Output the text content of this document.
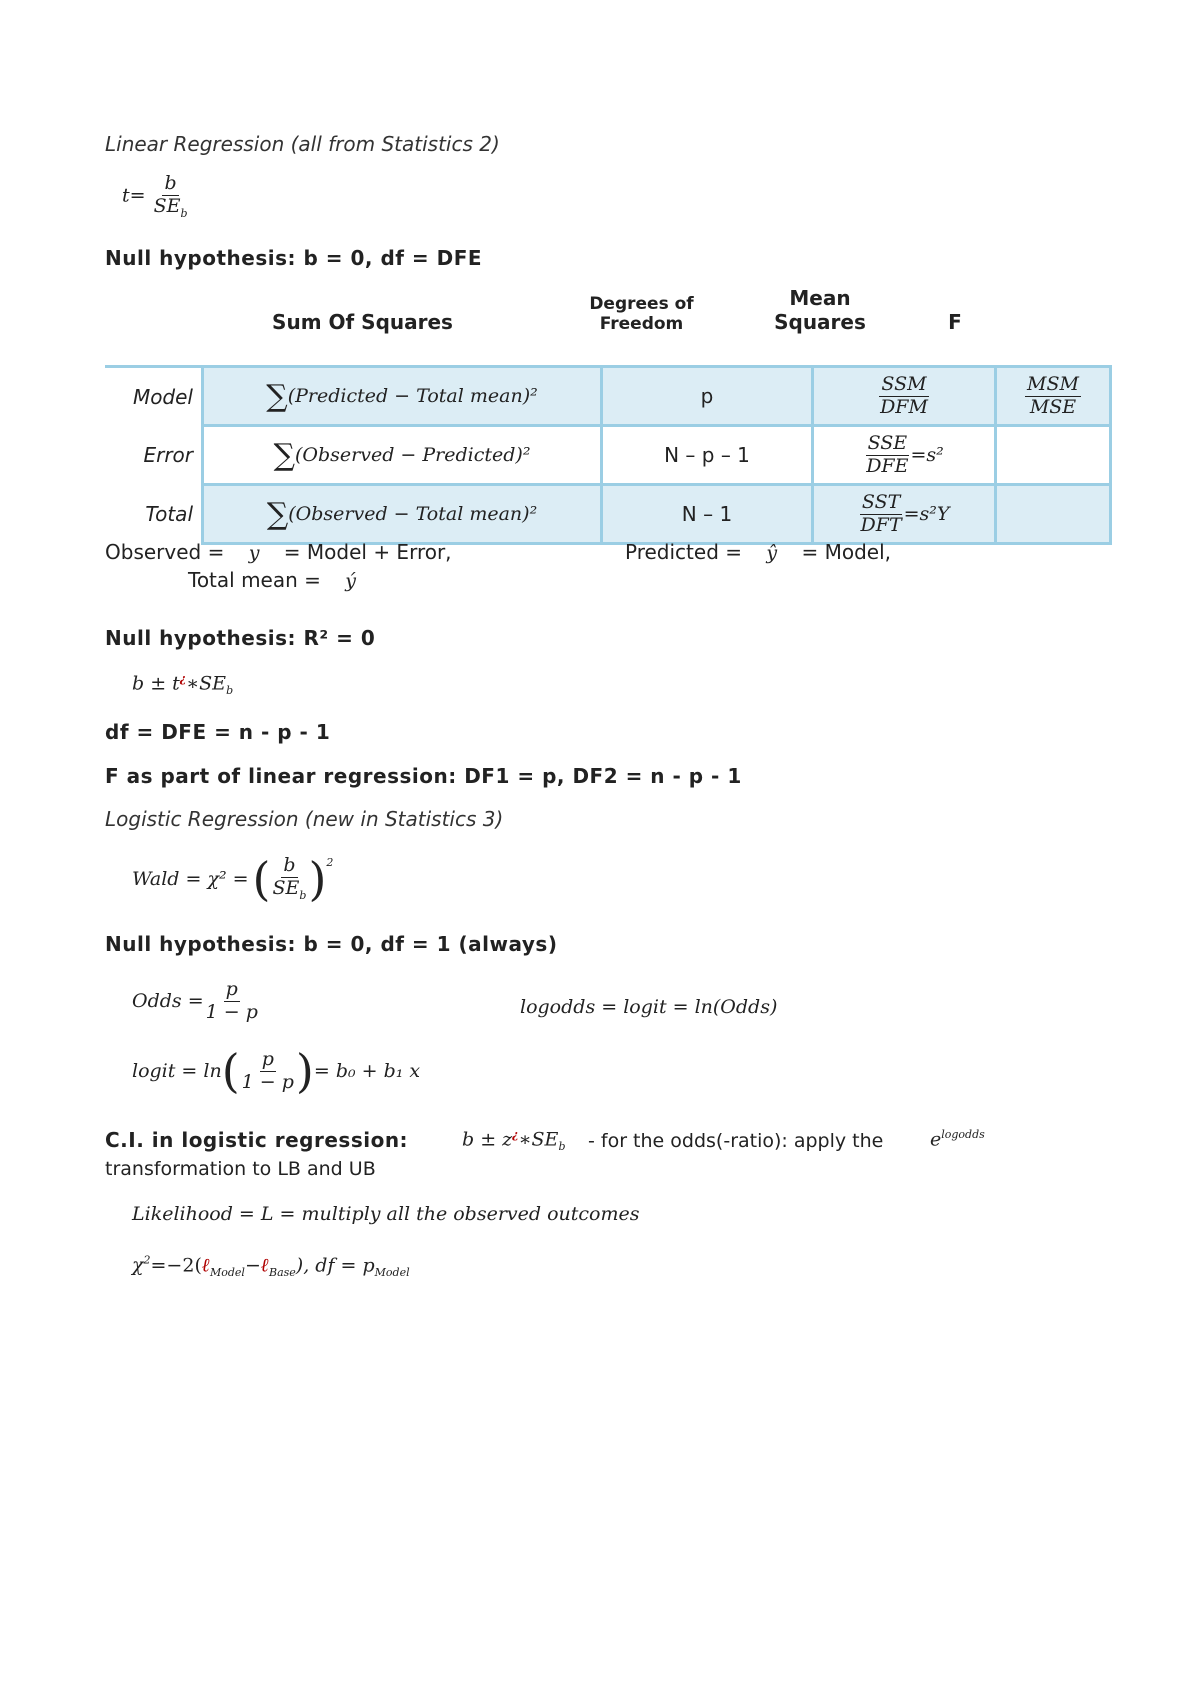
Linear Regression (all from Statistics 2)
$t= \frac{b}{SE_b}$
Null hypothesis: b = 0, df = DFE
Sum Of Squares
Degrees of
Freedom
Mean
Squares	F
Model	∑(Predicted − Total mean)²	p	$\frac{\text{SSM}}{\text{DFM}}$	$\frac{\text{MSM}}{\text{MSE}}$

Error	∑(Observed − Predicted)²	N – p – 1	$\frac{\text{SSE}}{\text{DFE}} =s^2$	
Total	∑(Observed − Total mean)²	N – 1	$\frac{\text{SST}}{\text{DFT}} =s^2Y$	
Observed = y = Model + Error,	Predicted = ŷ = Model,
Total mean = ý
Null hypothesis: R² = 0
$b \pm t^¿∗SE_b$
df = DFE = n - p - 1
F as part of linear regression: DF1 = p, DF2 = n - p - 1
Logistic Regression (new in Statistics 3)
Wald = χ² = ( $\frac{b}{SE_b} )^2$
Null hypothesis: b = 0, df = 1 (always)
Odds = $\frac{p}{1 - p}$	logodds = logit = ln(Odds)
logit = ln ( $\frac{p}{1 - p}$ ) = b₀ + b₁ x
C.I. in logistic regression:	$b \pm z^¿∗SE_b$ - for the odds(-ratio): apply the $e^{logodds}$
transformation to LB and UB
Likelihood = L = multiply all the observed outcomes
$\chi^2=-2(\ell_{Model}-\ell_{Base})$, df = $p_{Model}$
